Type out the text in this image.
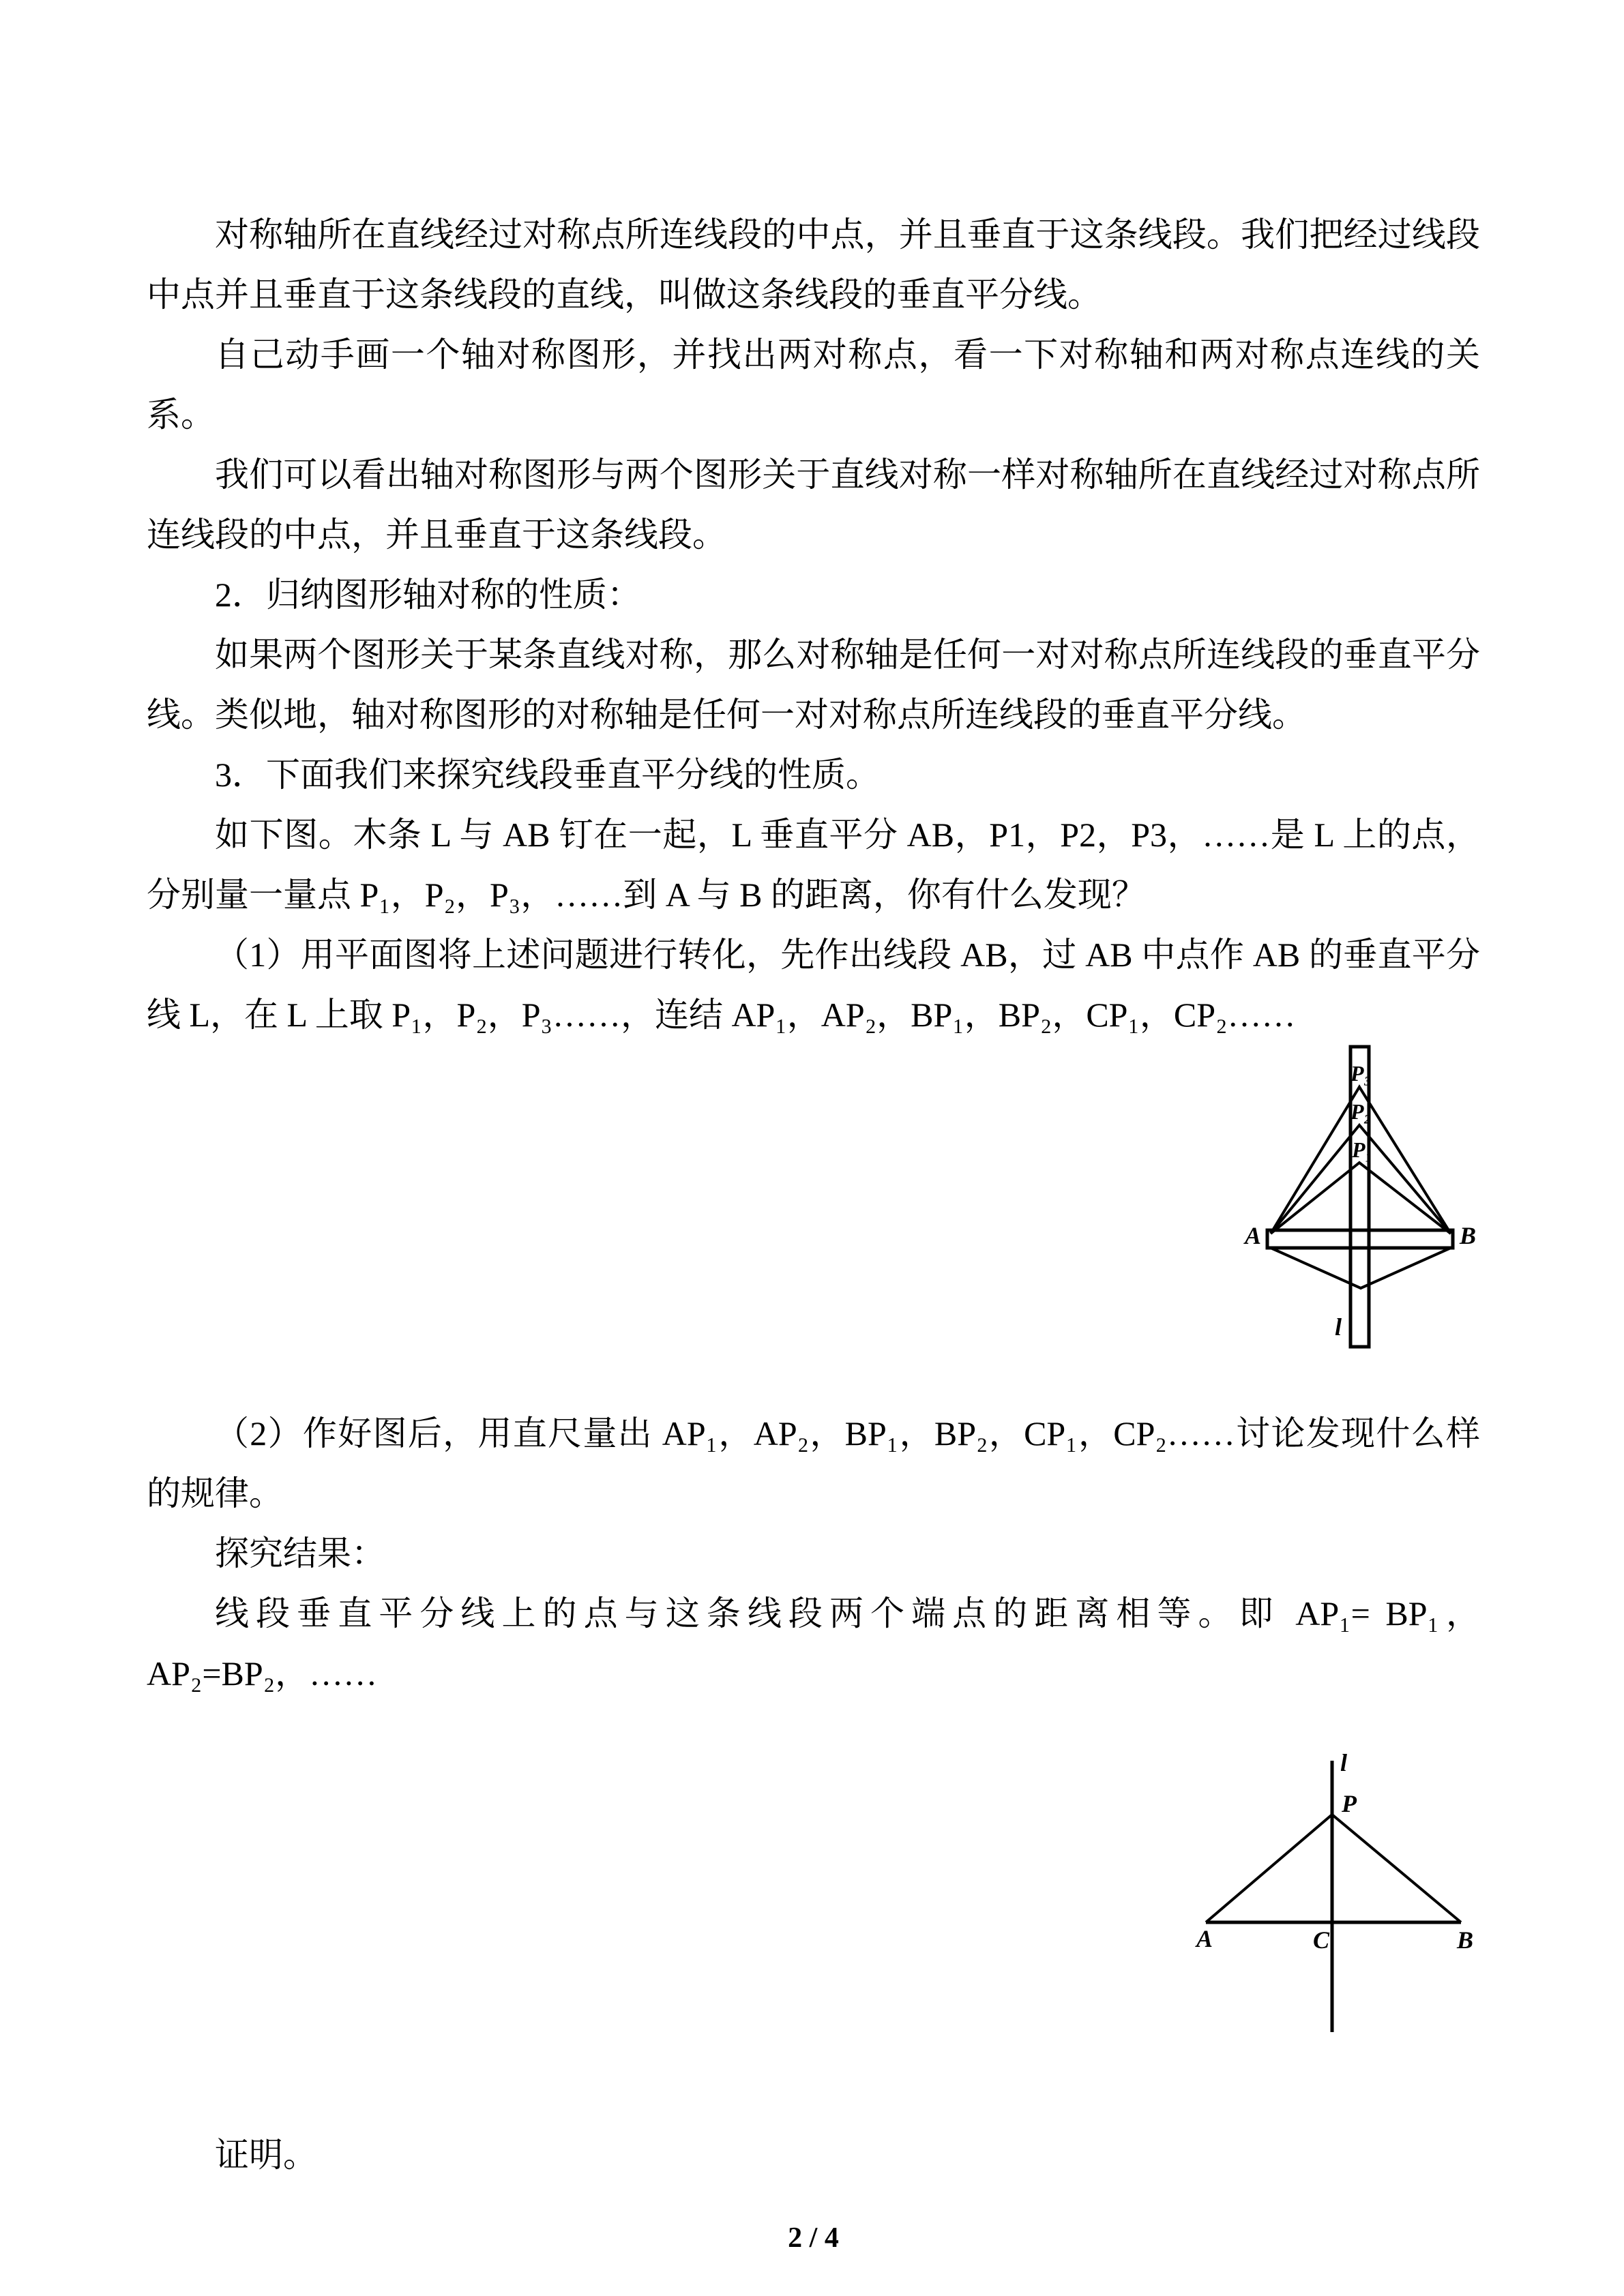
对称轴所在直线经过对称点所连线段的中点，并且垂直于这条线段。我们把经过线段中点并且垂直于这条线段的直线，叫做这条线段的垂直平分线。

自己动手画一个轴对称图形，并找出两对称点，看一下对称轴和两对称点连线的关系。

我们可以看出轴对称图形与两个图形关于直线对称一样对称轴所在直线经过对称点所连线段的中点，并且垂直于这条线段。

2．归纳图形轴对称的性质：

如果两个图形关于某条直线对称，那么对称轴是任何一对对称点所连线段的垂直平分线。类似地，轴对称图形的对称轴是任何一对对称点所连线段的垂直平分线。

3．下面我们来探究线段垂直平分线的性质。

如下图。木条 L 与 AB 钉在一起，L 垂直平分 AB，P1，P2，P3，……是 L 上的点，分别量一量点 P₁，P₂，P₃，……到 A 与 B 的距离，你有什么发现？

（1）用平面图将上述问题进行转化，先作出线段 AB，过 AB 中点作 AB 的垂直平分线 L，在 L 上取 P₁，P₂，P₃……，连结 AP₁，AP₂，BP₁，BP₂，CP₁，CP₂……

P₃
P₂
P₁
A	B
l

（2）作好图后，用直尺量出 AP₁，AP₂，BP₁，BP₂，CP₁，CP₂……讨论发现什么样的规律。

探究结果：

线段垂直平分线上的点与这条线段两个端点的距离相等。即 AP₁= BP₁，AP₂=BP₂，……

l
P
A	C	B

证明。

2 / 4
